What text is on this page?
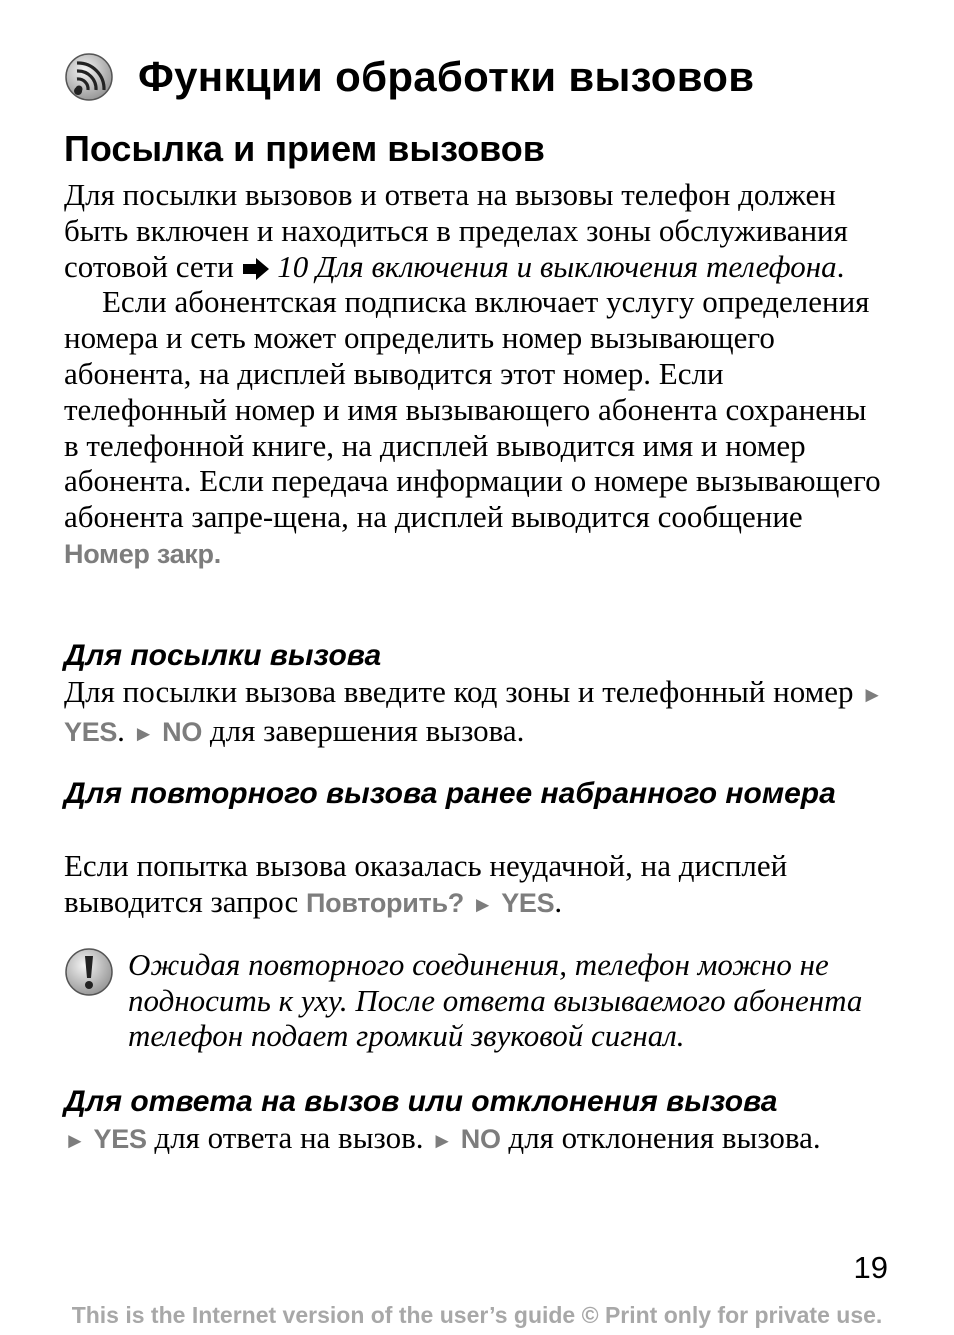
Функции обработки вызовов
Посылка и прием вызовов

Для посылки вызовов и ответа на вызовы телефон должен быть включен и находиться в пределах зоны обслуживания сотовой сети 10 Для включения и выключения телефона.

Если абонентская подписка включает услугу определения номера и сеть может определить номер вызывающего абонента, на дисплей выводится этот номер. Если телефонный номер и имя вызывающего абонента сохранены в телефонной книге, на дисплей выводится имя и номер абонента. Если передача информации о номере вызывающего абонента запре-щена, на дисплей выводится сообщение Номер закр.

Для посылки вызова

Для посылки вызова введите код зоны и телефонный номер ► YES. ► NO для завершения вызова.

Для повторного вызова ранее набранного номера

Если попытка вызова оказалась неудачной, на дисплей выводится запрос Повторить? ► YES.

Ожидая повторного соединения, телефон можно не подносить к уху. После ответа вызываемого абонента телефон подает громкий звуковой сигнал.
Для ответа на вызов или отклонения вызова

► YES для ответа на вызов. ► NO для отклонения вызова.

19
This is the Internet version of the user’s guide © Print only for private use.
